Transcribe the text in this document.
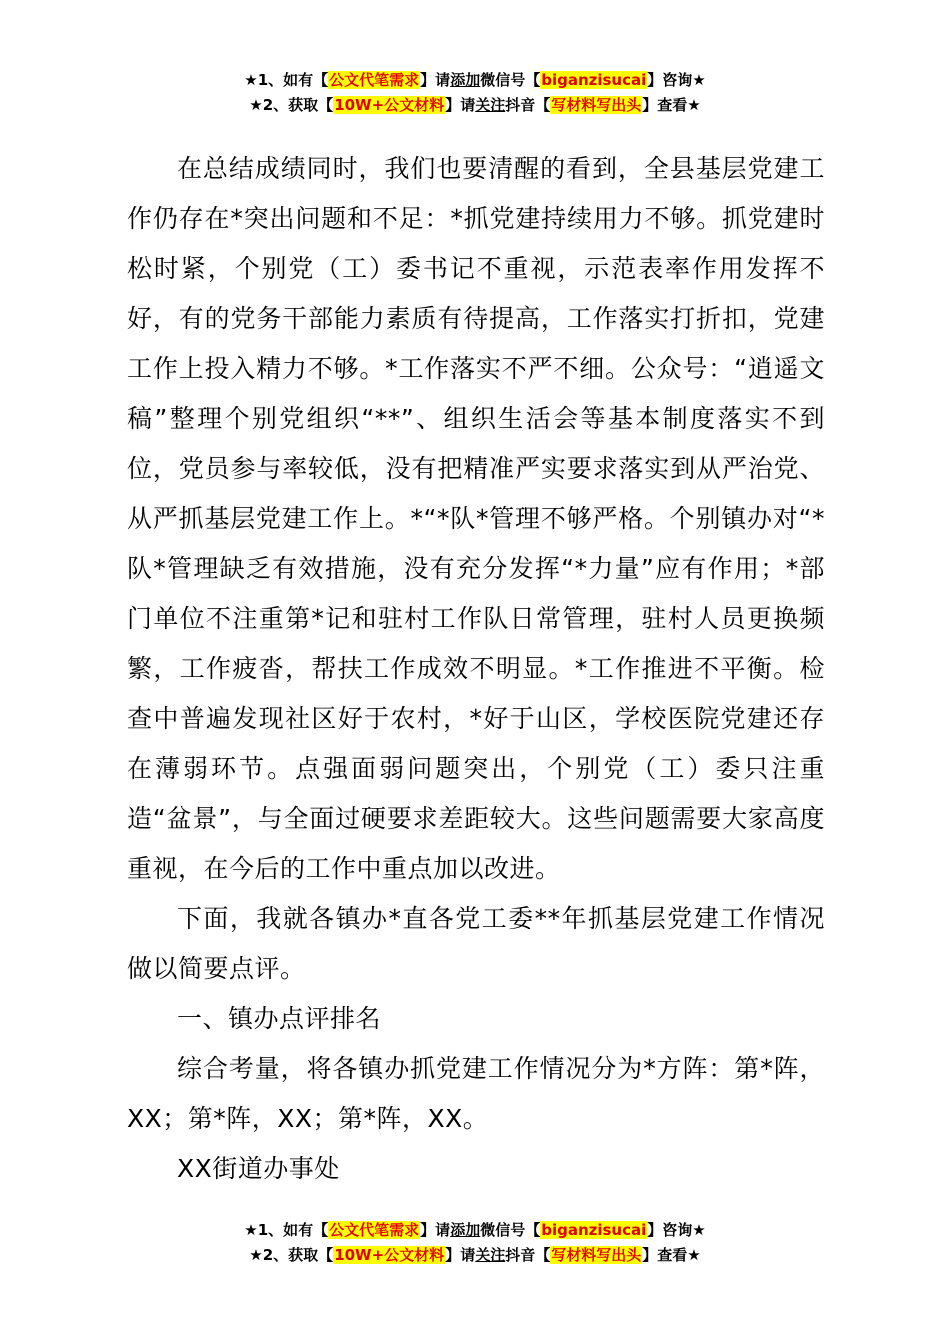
★1、如有【公文代笔需求】请添加微信号【biganzisucai】咨询★
★2、获取【10W+公文材料】请关注抖音【写材料写出头】查看★

在总结成绩同时，我们也要清醒的看到，全县基层党建工作仍存在*突出问题和不足：*抓党建持续用力不够。抓党建时松时紧，个别党（工）委书记不重视，示范表率作用发挥不好，有的党务干部能力素质有待提高，工作落实打折扣，党建工作上投入精力不够。*工作落实不严不细。公众号：“逍遥文稿”整理个别党组织“**”、组织生活会等基本制度落实不到位，党员参与率较低，没有把精准严实要求落实到从严治党、从严抓基层党建工作上。*“*队*管理不够严格。个别镇办对“*队*管理缺乏有效措施，没有充分发挥“*力量”应有作用；*部门单位不注重第*记和驻村工作队日常管理，驻村人员更换频繁，工作疲沓，帮扶工作成效不明显。*工作推进不平衡。检查中普遍发现社区好于农村，*好于山区，学校医院党建还存在薄弱环节。点强面弱问题突出，个别党（工）委只注重造“盆景”，与全面过硬要求差距较大。这些问题需要大家高度重视，在今后的工作中重点加以改进。

下面，我就各镇办*直各党工委**年抓基层党建工作情况做以简要点评。

一、镇办点评排名

综合考量，将各镇办抓党建工作情况分为*方阵：第*阵，XX；第*阵，XX；第*阵，XX。

XX街道办事处

★1、如有【公文代笔需求】请添加微信号【biganzisucai】咨询★
★2、获取【10W+公文材料】请关注抖音【写材料写出头】查看★
